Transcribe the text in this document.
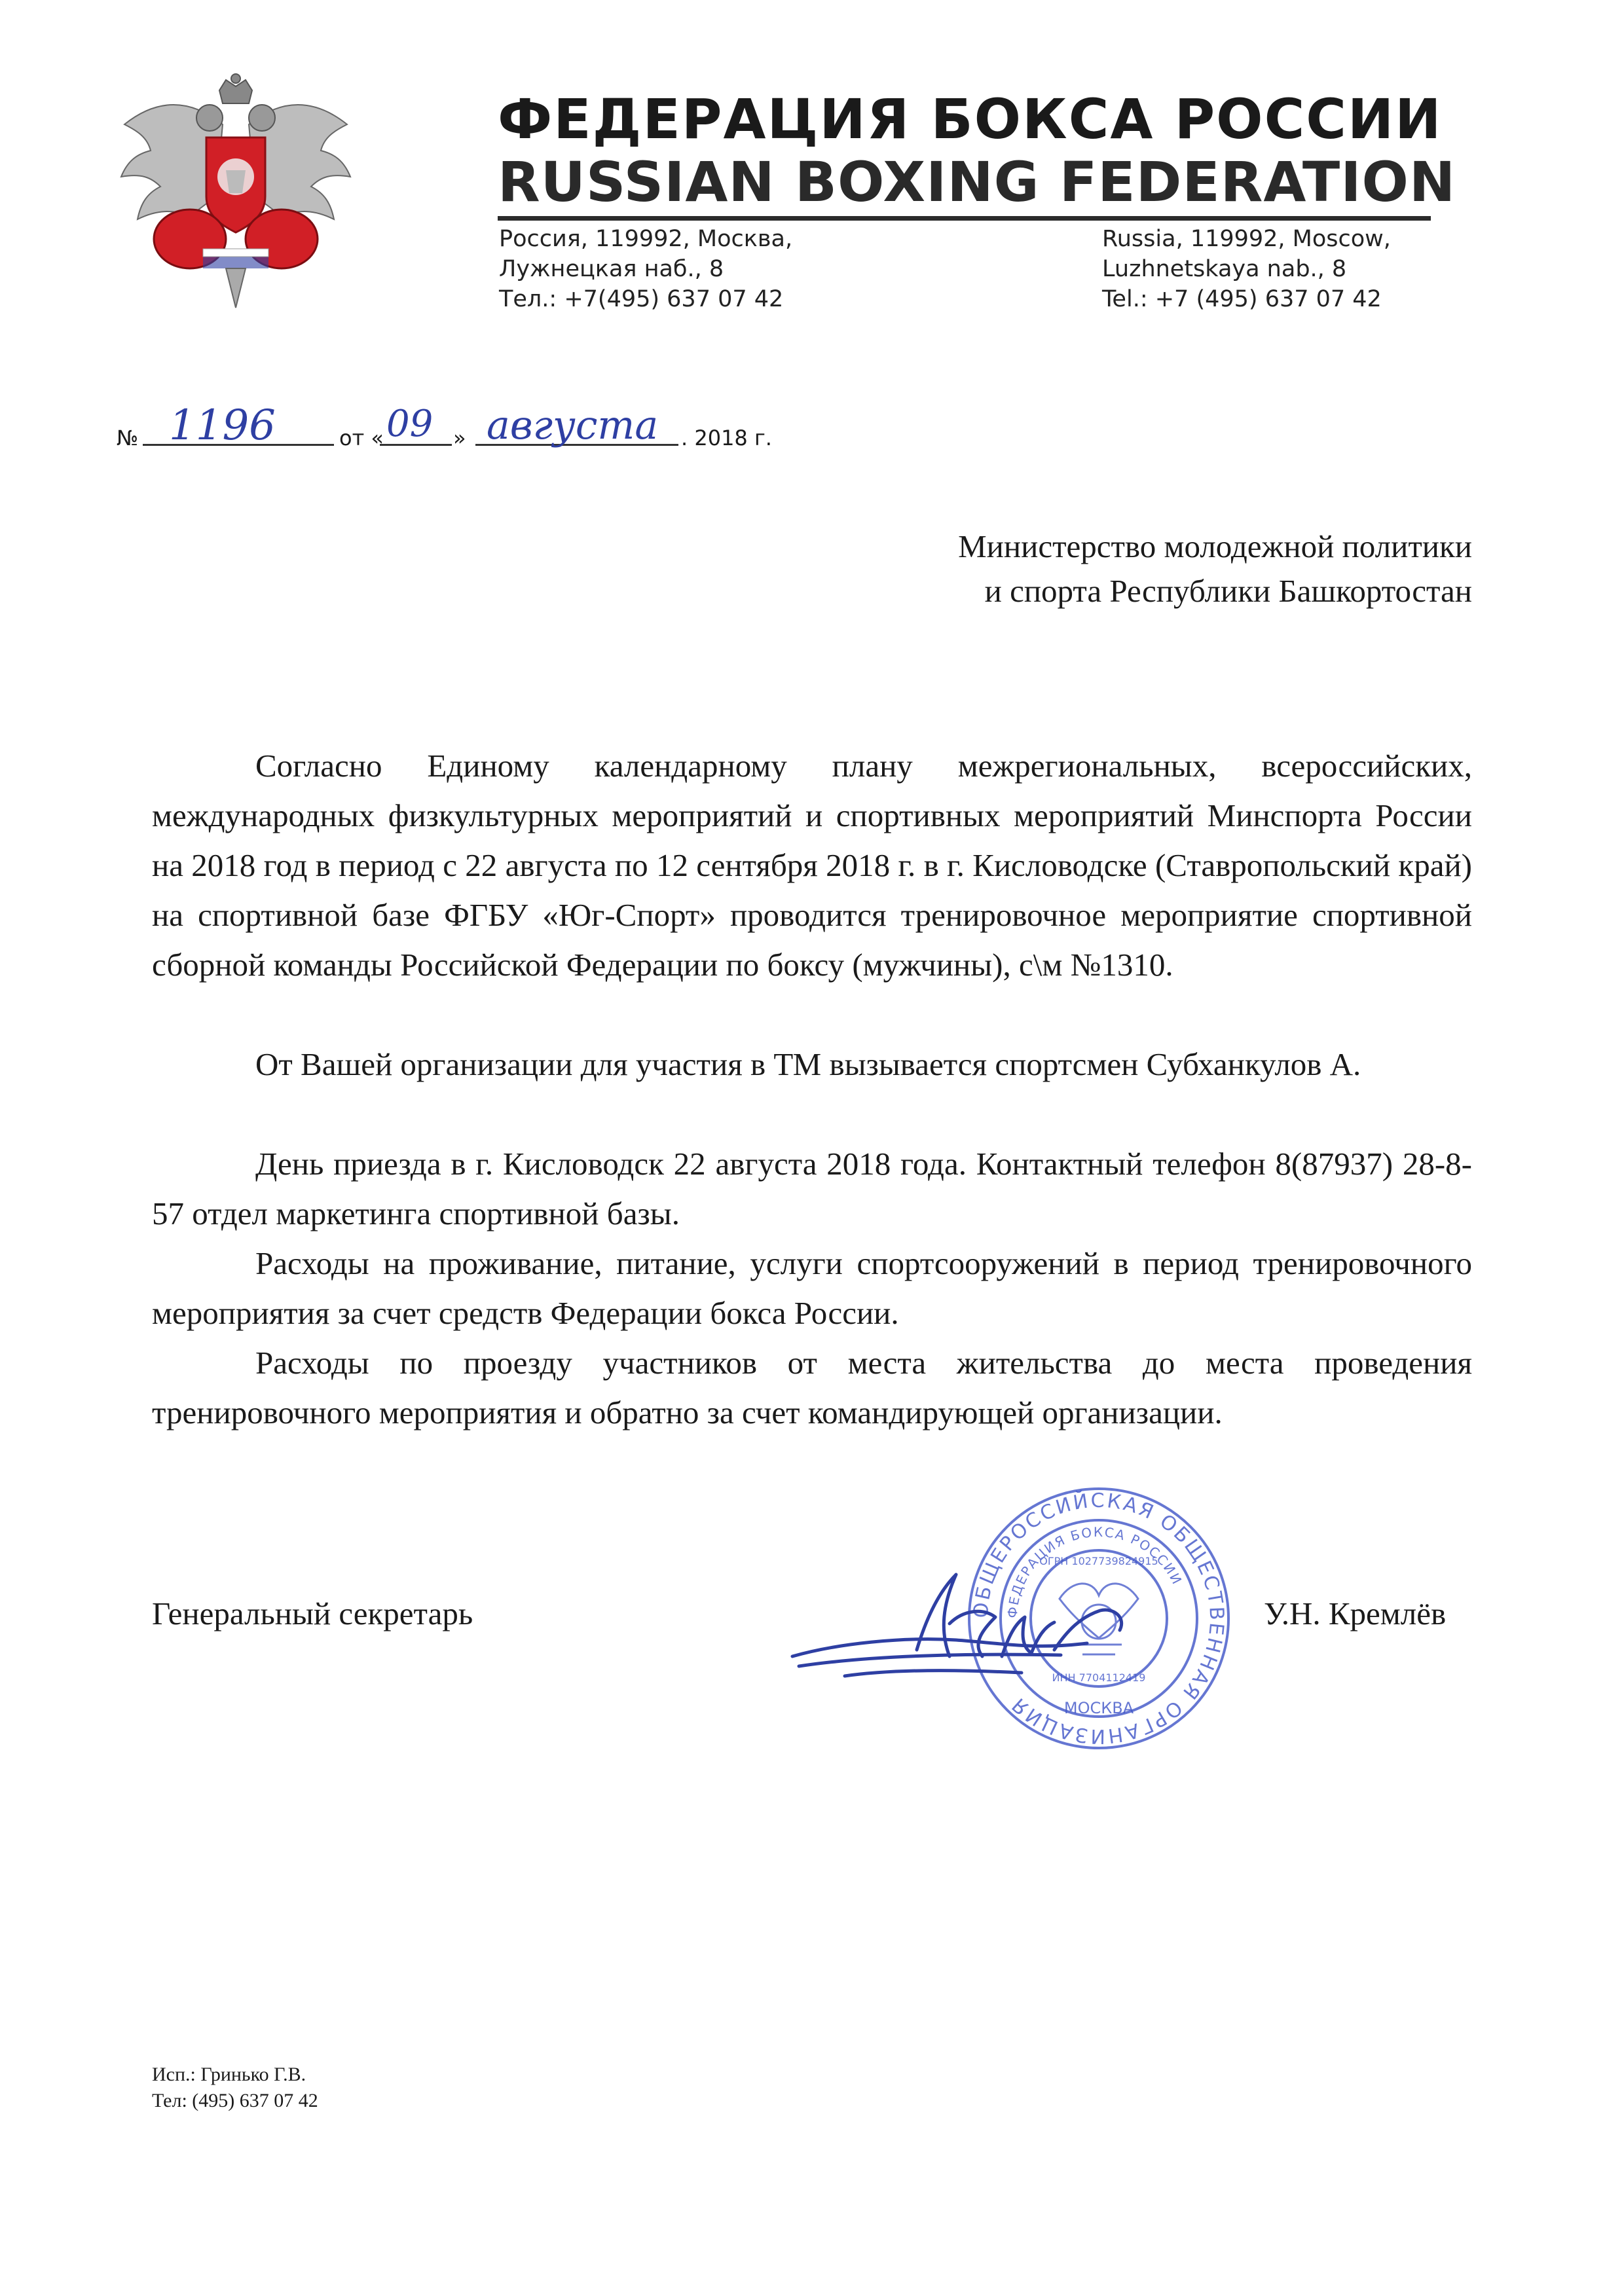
ФЕДЕРАЦИЯ БОКСА РОССИИ
RUSSIAN BOXING FEDERATION
Россия, 119992, Москва,
Лужнецкая наб., 8
Тел.: +7(495) 637 07 42
Russia, 119992, Moscow,
Luzhnetskaya nab., 8
Tel.: +7 (495) 637 07 42
№ 1196	от « 09 » августа . 2018 г.
Министерство молодежной политики
и спорта Республики Башкортостан

Согласно Единому календарному плану межрегиональных, всероссийских, международных физкультурных мероприятий и спортивных мероприятий Минспорта России на 2018 год в период с 22 августа по 12 сентября 2018 г. в г. Кисловодске (Ставропольский край) на спортивной базе ФГБУ «Юг-Спорт» проводится тренировочное мероприятие спортивной сборной команды Российской Федерации по боксу (мужчины), с\м №1310.

От Вашей организации для участия в ТМ вызывается спортсмен Субханкулов А.

День приезда в г. Кисловодск 22 августа 2018 года. Контактный телефон 8(87937) 28-8-57 отдел маркетинга спортивной базы.

Расходы на проживание, питание, услуги спортсооружений в период тренировочного мероприятия за счет средств Федерации бокса России.

Расходы по проезду участников от места жительства до места проведения тренировочного мероприятия и обратно за счет командирующей организации.

Генеральный секретарь	У.Н. Кремлёв
ОБЩЕРОССИЙСКАЯ ОБЩЕСТВЕННАЯ ОРГАНИЗАЦИЯ
ФЕДЕРАЦИЯ БОКСА РОССИИ
МОСКВА
ОГРН 1027739824915
ИНН 7704112419
Исп.: Гринько Г.В.
Тел: (495) 637 07 42
